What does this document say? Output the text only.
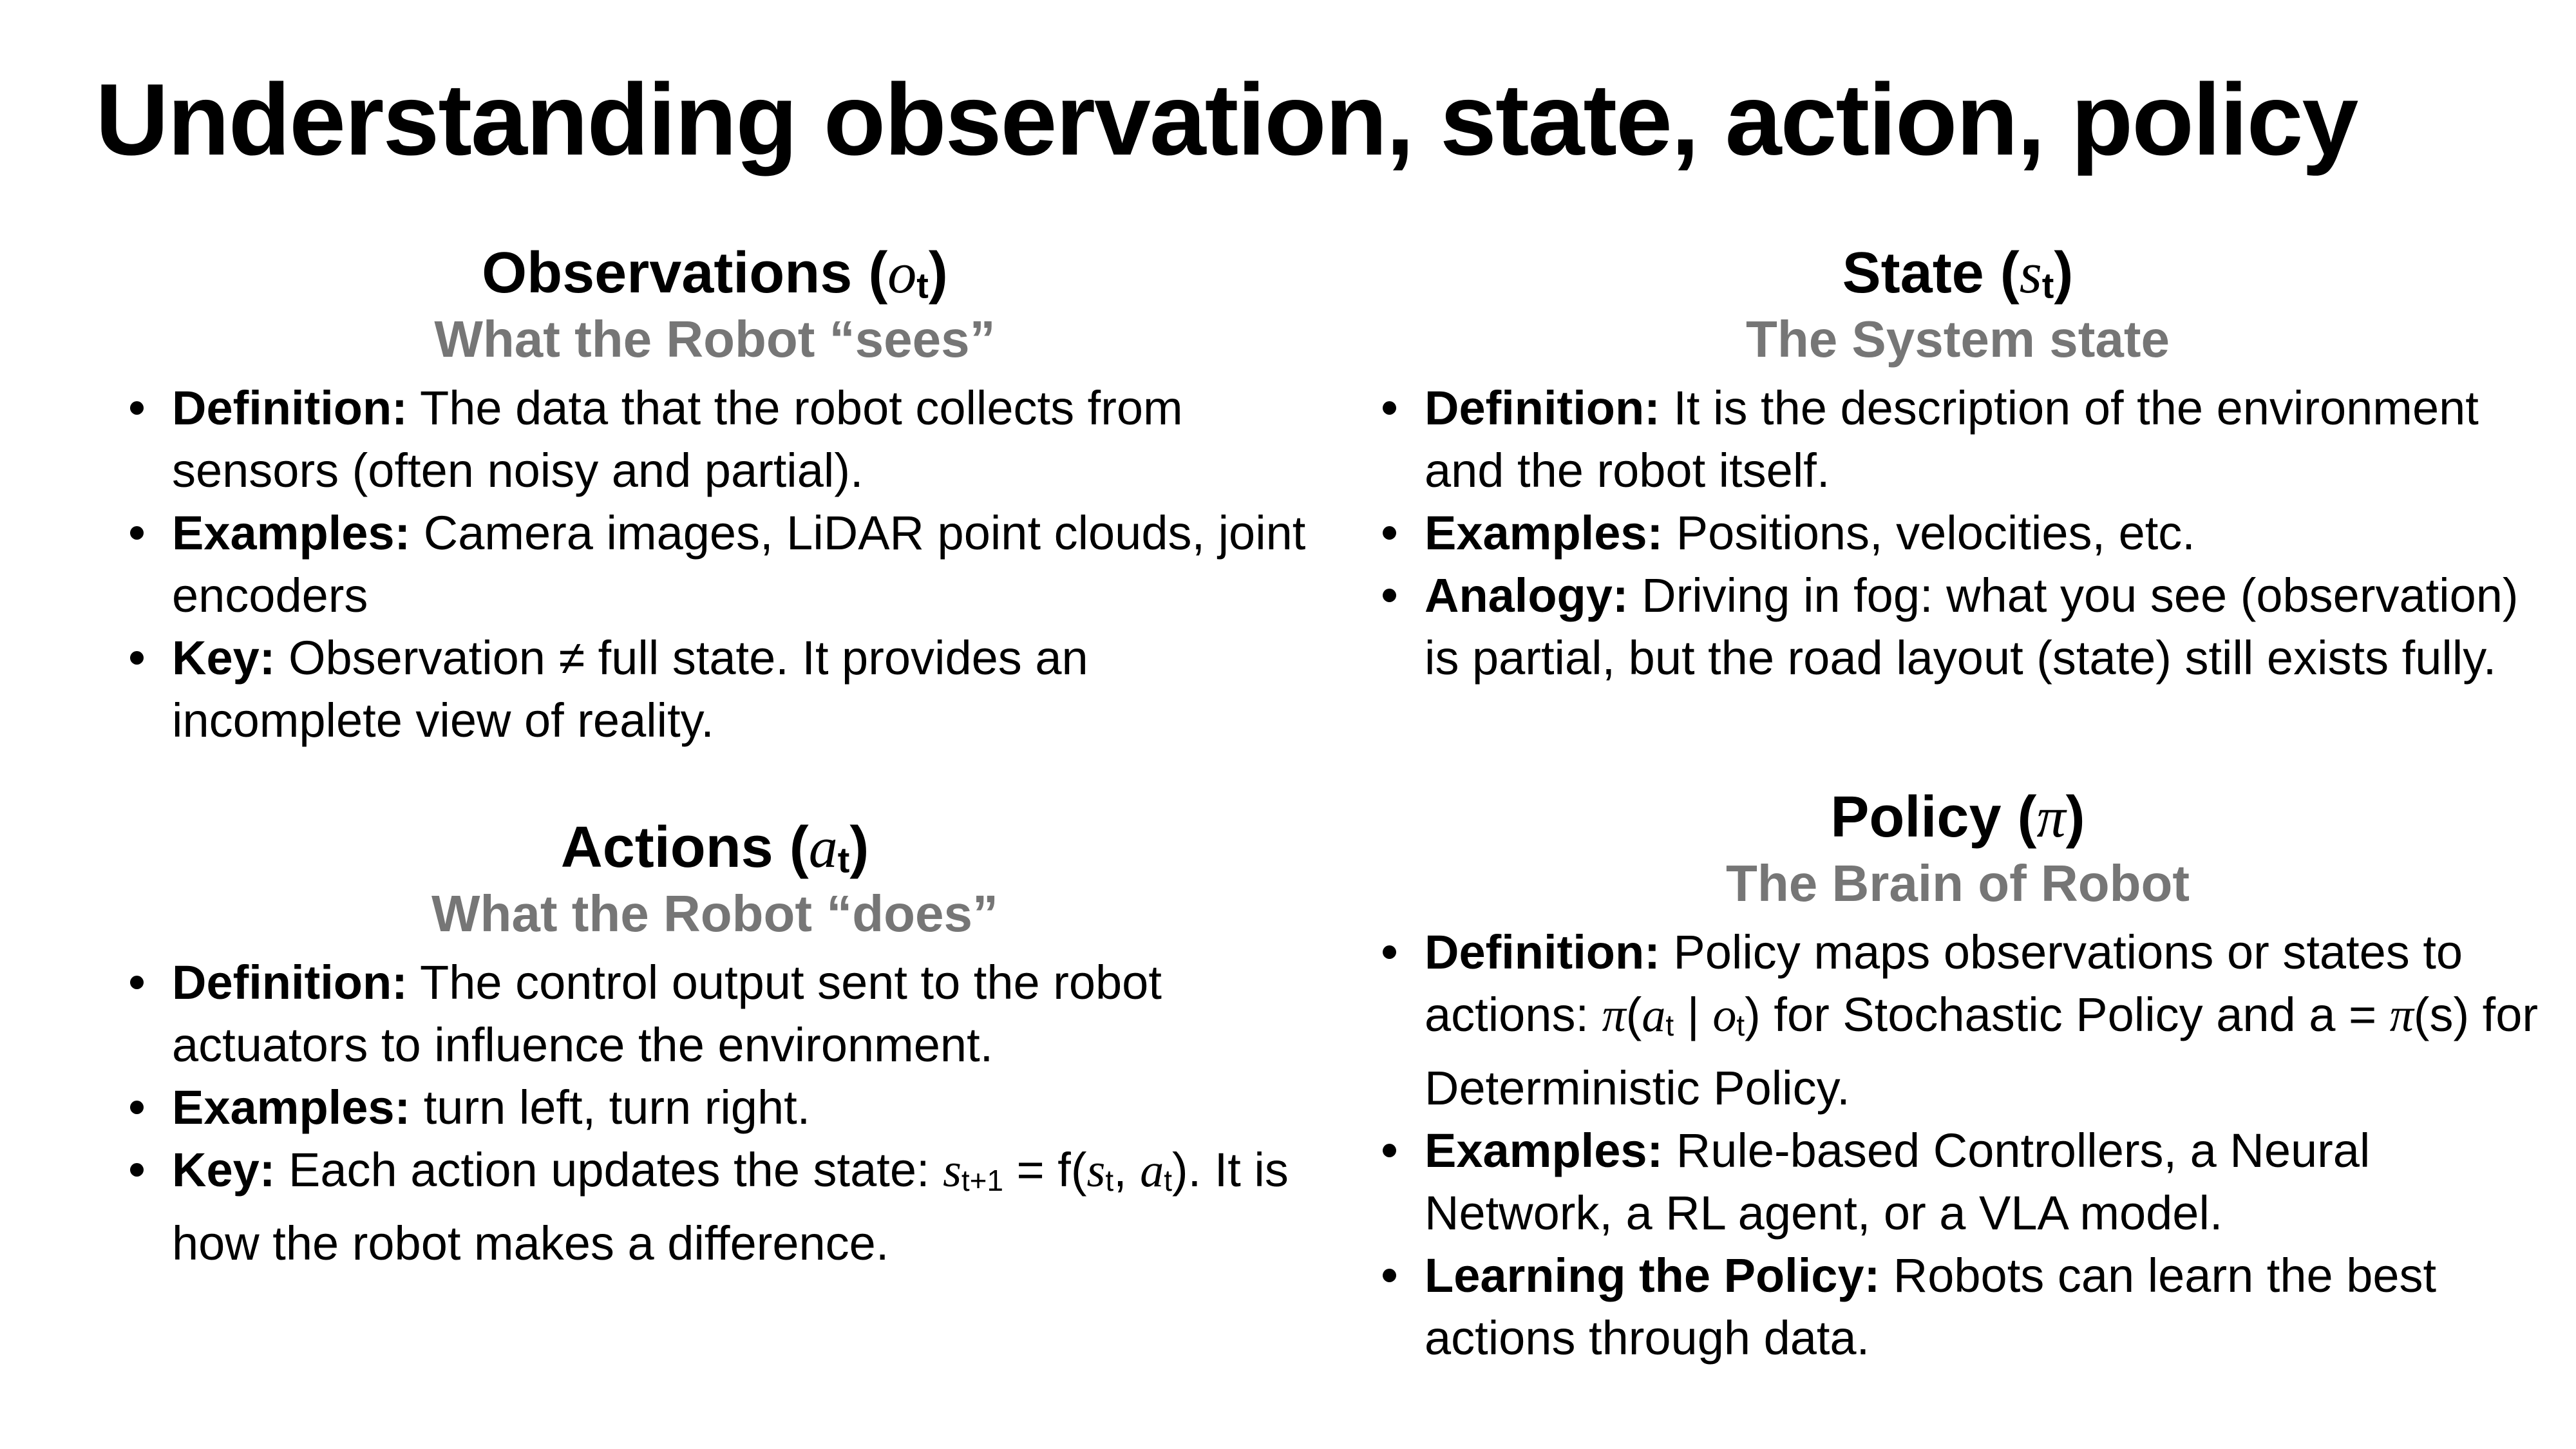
Understanding observation, state, action, policy
Observations (ot)

What the Robot “sees”

Definition: The data that the robot collects from sensors (often noisy and partial).
Examples: Camera images, LiDAR point clouds, joint encoders
Key: Observation ≠ full state. It provides an incomplete view of reality.
Actions (at)

What the Robot “does”

Definition: The control output sent to the robot actuators to influence the environment.
Examples: turn left, turn right.
Key: Each action updates the state: st+1 = f(st, at). It is how the robot makes a difference.
State (st)

The System state

Definition: It is the description of the environment and the robot itself.
Examples: Positions, velocities, etc.
Analogy: Driving in fog: what you see (observation) is partial, but the road layout (state) still exists fully.
Policy (π)

The Brain of Robot

Definition: Policy maps observations or states to actions: π(at | ot) for Stochastic Policy and a = π(s) for Deterministic Policy.
Examples: Rule-based Controllers, a Neural Network, a RL agent, or a VLA model.
Learning the Policy: Robots can learn the best actions through data.
